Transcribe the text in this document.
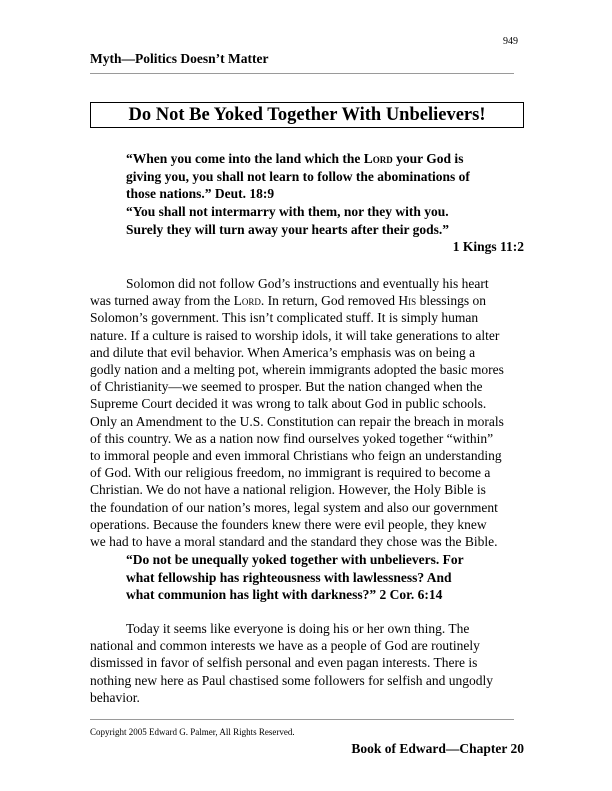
949
Myth—Politics Doesn’t Matter
Do Not Be Yoked Together With Unbelievers!
“When you come into the land which the Lord your God is
giving you, you shall not learn to follow the abominations of
those nations.” Deut. 18:9
“You shall not intermarry with them, nor they with you.
Surely they will turn away your hearts after their gods.”
1 Kings 11:2
Solomon did not follow God’s instructions and eventually his heart
was turned away from the Lord. In return, God removed His blessings on
Solomon’s government. This isn’t complicated stuff. It is simply human
nature. If a culture is raised to worship idols, it will take generations to alter
and dilute that evil behavior. When America’s emphasis was on being a
godly nation and a melting pot, wherein immigrants adopted the basic mores
of Christianity—we seemed to prosper. But the nation changed when the
Supreme Court decided it was wrong to talk about God in public schools.
Only an Amendment to the U.S. Constitution can repair the breach in morals
of this country. We as a nation now find ourselves yoked together “within”
to immoral people and even immoral Christians who feign an understanding
of God. With our religious freedom, no immigrant is required to become a
Christian. We do not have a national religion. However, the Holy Bible is
the foundation of our nation’s mores, legal system and also our government
operations. Because the founders knew there were evil people, they knew
we had to have a moral standard and the standard they chose was the Bible.
“Do not be unequally yoked together with unbelievers. For
what fellowship has righteousness with lawlessness? And
what communion has light with darkness?” 2 Cor. 6:14
Today it seems like everyone is doing his or her own thing. The
national and common interests we have as a people of God are routinely
dismissed in favor of selfish personal and even pagan interests. There is
nothing new here as Paul chastised some followers for selfish and ungodly
behavior.
Copyright 2005 Edward G. Palmer, All Rights Reserved.
Book of Edward—Chapter 20
